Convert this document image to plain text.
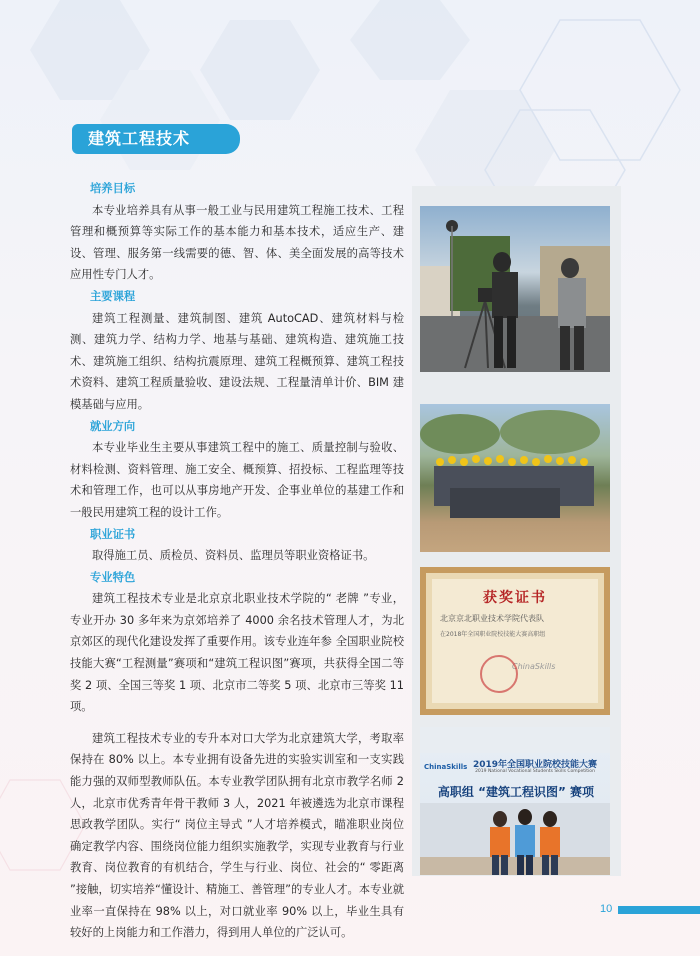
建筑工程技术
培养目标

本专业培养具有从事一般工业与民用建筑工程施工技术、工程管理和概预算等实际工作的基本能力和基本技术，适应生产、建设、管理、服务第一线需要的德、智、体、美全面发展的高等技术应用性专门人才。

主要课程

建筑工程测量、建筑制图、建筑 AutoCAD、建筑材料与检测、建筑力学、结构力学、地基与基础、建筑构造、建筑施工技术、建筑施工组织、结构抗震原理、建筑工程概预算、建筑工程技术资料、建筑工程质量验收、建设法规、工程量清单计价、BIM 建模基础与应用。

就业方向

本专业毕业生主要从事建筑工程中的施工、质量控制与验收、材料检测、资料管理、施工安全、概预算、招投标、工程监理等技术和管理工作，也可以从事房地产开发、企事业单位的基建工作和一般民用建筑工程的设计工作。

职业证书

取得施工员、质检员、资料员、监理员等职业资格证书。

专业特色

建筑工程技术专业是北京京北职业技术学院的“ 老牌 ”专业，专业开办 30 多年来为京郊培养了 4000 余名技术管理人才，为北京郊区的现代化建设发挥了重要作用。该专业连年参 全国职业院校技能大赛“工程测量”赛项和“建筑工程识图”赛项，共获得全国二等奖 2 项、全国三等奖 1 项、北京市二等奖 5 项、北京市三等奖 11 项。

建筑工程技术专业的专升本对口大学为北京建筑大学，考取率保持在 80% 以上。本专业拥有设备先进的实验实训室和一支实践能力强的双师型教师队伍。本专业教学团队拥有北京市教学名师 2 人，北京市优秀青年骨干教师 3 人，2021 年被遴选为北京市课程思政教学团队。实行“ 岗位主导式 ”人才培养模式，瞄准职业岗位确定教学内容、围绕岗位能力组织实施教学，实现专业教育与行业教育、岗位教育的有机结合，学生与行业、岗位、社会的“ 零距离 ”接触，切实培养“懂设计、精施工、善管理”的专业人才。本专业就业率一直保持在 98% 以上，对口就业率 90% 以上，毕业生具有较好的上岗能力和工作潜力，得到用人单位的广泛认可。

获奖证书
北京京北职业技术学院代表队
在2018年全国职业院校技能大赛高职组
ChinaSkills
ChinaSkills 2019年全国职业院校技能大赛
2019 National Vocational Students Skills Competition
高职组 “建筑工程识图” 赛项
10
